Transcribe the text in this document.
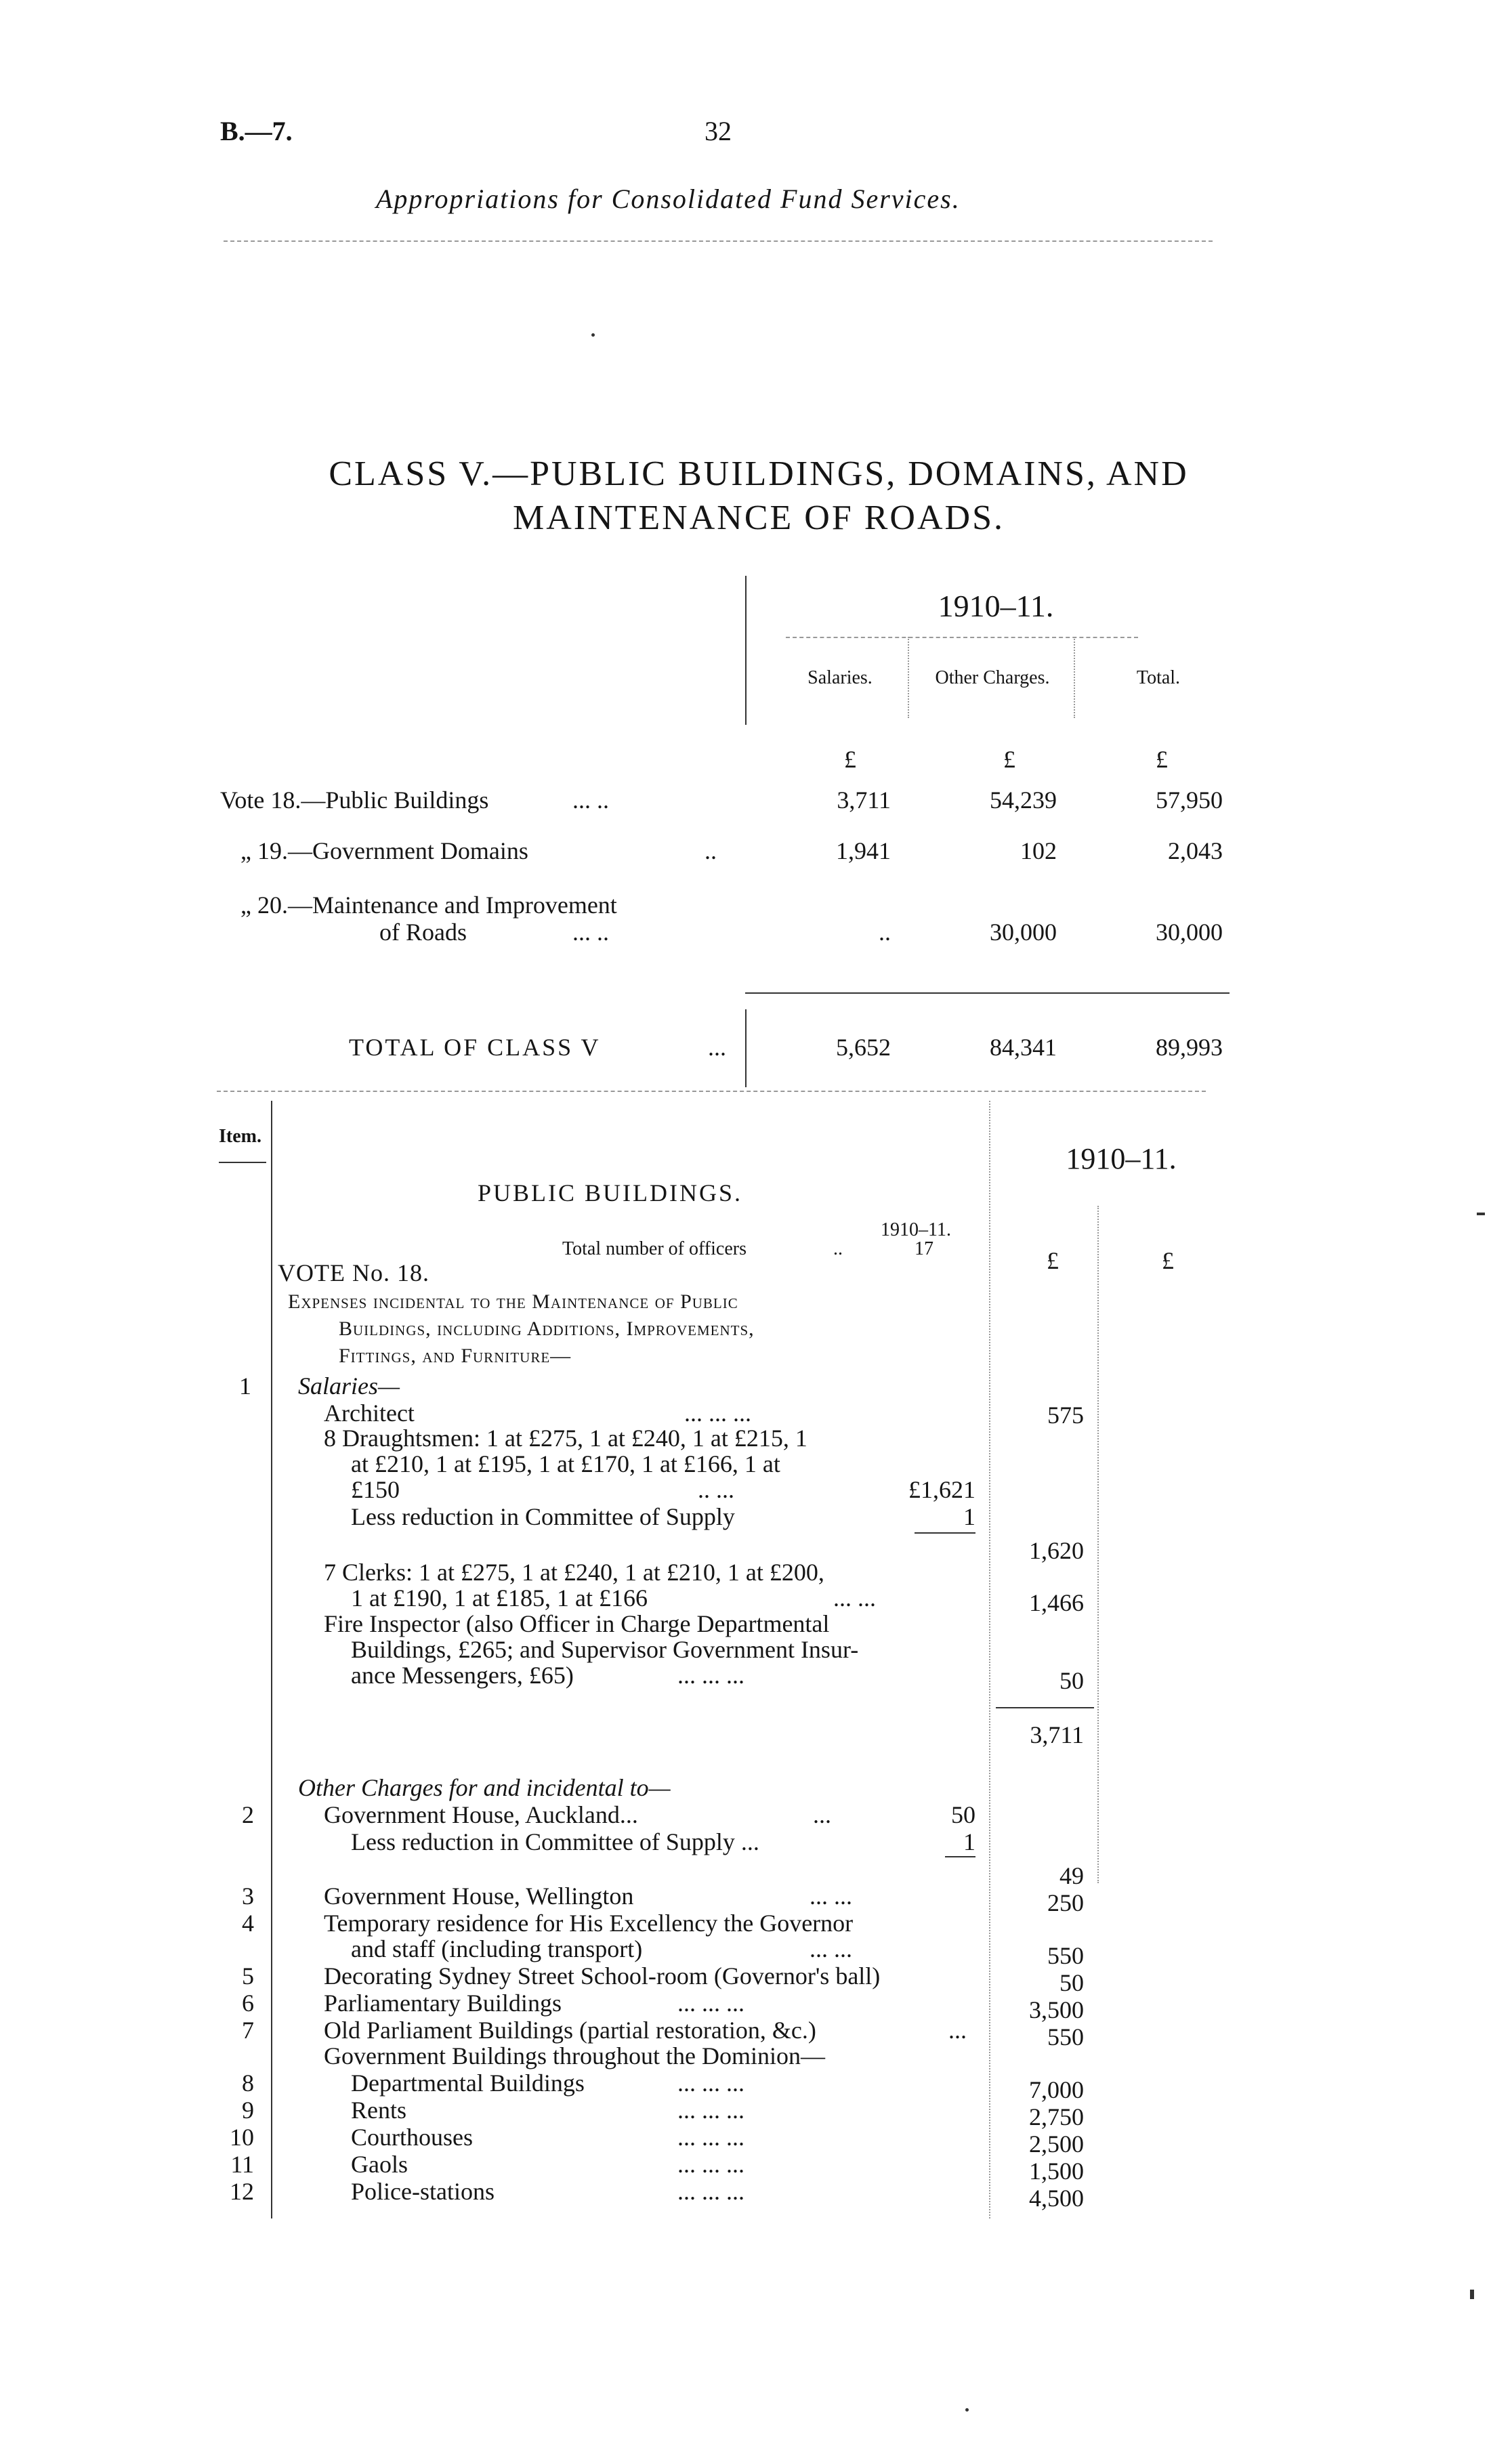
B.—7.	32
Appropriations for Consolidated Fund Services.
CLASS V.—PUBLIC BUILDINGS, DOMAINS, AND
MAINTENANCE OF ROADS.
1910–11.
Salaries.	Other Charges.	Total.
£	£	£
Vote 18.—Public Buildings	... ..	3,711	54,239	57,950
„ 19.—Government Domains	..	1,941	102	2,043
„ 20.—Maintenance and Improvement
of Roads	... ..	..	30,000	30,000
TOTAL OF CLASS V	...	5,652	84,341	89,993
Item.
1910–11.
PUBLIC BUILDINGS.
1910–11.
Total number of officers	..	17
VOTE No. 18.	£	£
Expenses incidental to the Maintenance of Public
Buildings, including Additions, Improvements,
Fittings, and Furniture—
1 Salaries—
Architect	... ... ...	575
8 Draughtsmen: 1 at £275, 1 at £240, 1 at £215, 1
at £210, 1 at £195, 1 at £170, 1 at £166, 1 at
£150	.. ...	£1,621
Less reduction in Committee of Supply	1
1,620
7 Clerks: 1 at £275, 1 at £240, 1 at £210, 1 at £200,
1 at £190, 1 at £185, 1 at £166	... ...	1,466
Fire Inspector (also Officer in Charge Departmental
Buildings, £265; and Supervisor Government Insur-
ance Messengers, £65)	... ... ...	50
3,711
Other Charges for and incidental to—
2	Government House, Auckland...	...	50
Less reduction in Committee of Supply ...	1
49
3	Government House, Wellington	... ...	250
4	Temporary residence for His Excellency the Governor
and staff (including transport)	... ...	550
5	Decorating Sydney Street School-room (Governor's ball)	50
6	Parliamentary Buildings	... ... ...	3,500
7	Old Parliament Buildings (partial restoration, &c.)	...	550
Government Buildings throughout the Dominion—
8	Departmental Buildings	... ... ...	7,000
9	Rents	... ... ...	2,750
10	Courthouses	... ... ...	2,500
11	Gaols	... ... ...	1,500
12	Police-stations	... ... ...	4,500
